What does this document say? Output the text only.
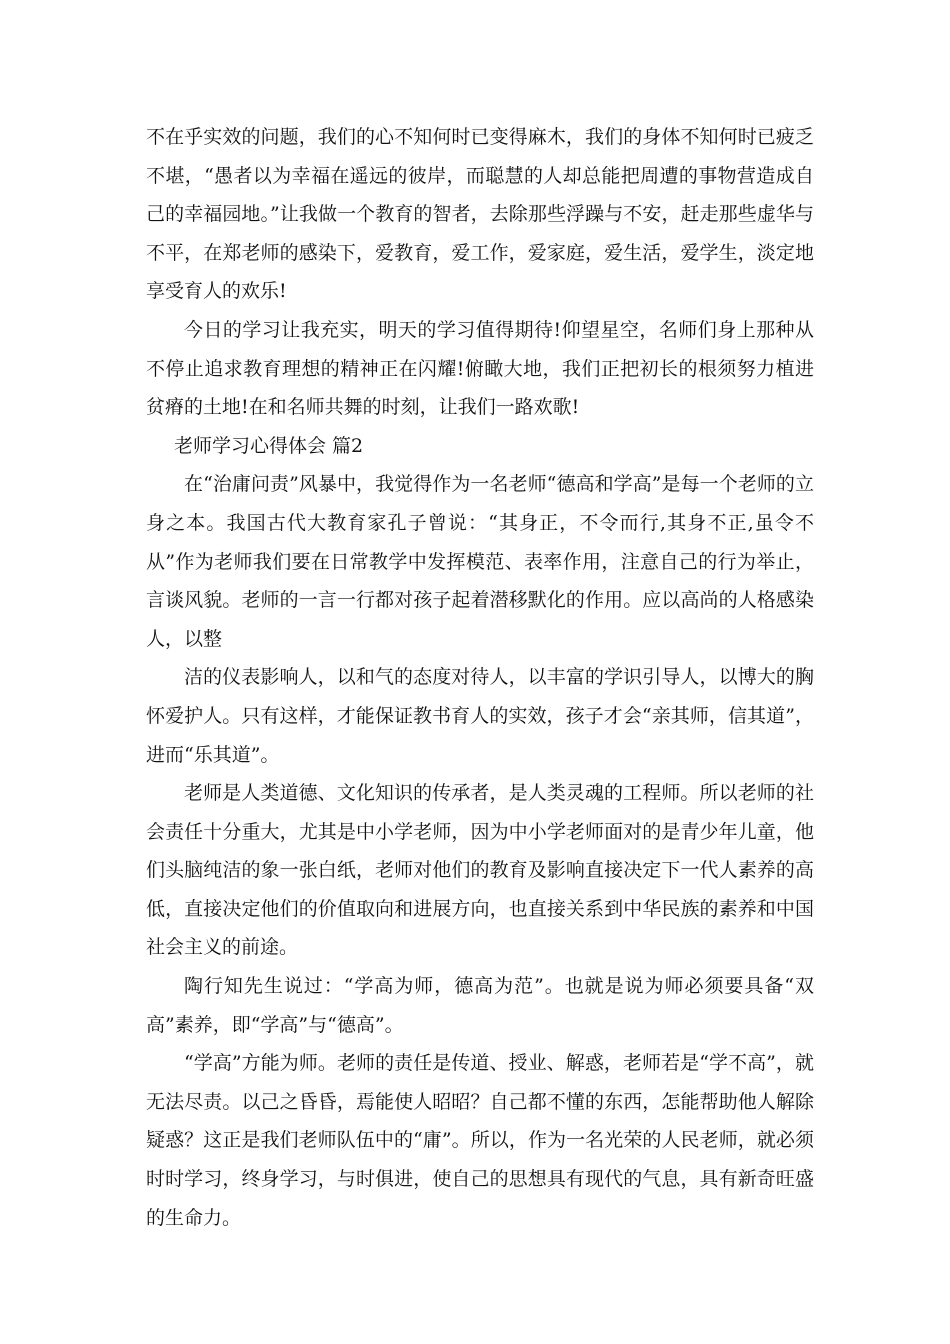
不在乎实效的问题，我们的心不知何时已变得麻木，我们的身体不知何时已疲乏不堪，“愚者以为幸福在遥远的彼岸，而聪慧的人却总能把周遭的事物营造成自己的幸福园地。”让我做一个教育的智者，去除那些浮躁与不安，赶走那些虚华与不平，在郑老师的感染下，爱教育，爱工作，爱家庭，爱生活，爱学生，淡定地享受育人的欢乐!

今日的学习让我充实，明天的学习值得期待!仰望星空，名师们身上那种从不停止追求教育理想的精神正在闪耀!俯瞰大地，我们正把初长的根须努力植进贫瘠的土地!在和名师共舞的时刻，让我们一路欢歌!

老师学习心得体会 篇2

在“治庸问责”风暴中，我觉得作为一名老师“德高和学高”是每一个老师的立身之本。我国古代大教育家孔子曾说：“其身正，不令而行,其身不正,虽令不从”作为老师我们要在日常教学中发挥模范、表率作用，注意自己的行为举止，言谈风貌。老师的一言一行都对孩子起着潜移默化的作用。应以高尚的人格感染人，以整

洁的仪表影响人，以和气的态度对待人，以丰富的学识引导人，以博大的胸怀爱护人。只有这样，才能保证教书育人的实效，孩子才会“亲其师，信其道”，进而“乐其道”。

老师是人类道德、文化知识的传承者，是人类灵魂的工程师。所以老师的社会责任十分重大，尤其是中小学老师，因为中小学老师面对的是青少年儿童，他们头脑纯洁的象一张白纸，老师对他们的教育及影响直接决定下一代人素养的高低，直接决定他们的价值取向和进展方向，也直接关系到中华民族的素养和中国社会主义的前途。

陶行知先生说过：“学高为师，德高为范”。也就是说为师必须要具备“双高”素养，即“学高”与“德高”。

“学高”方能为师。老师的责任是传道、授业、解惑，老师若是“学不高”，就无法尽责。以己之昏昏，焉能使人昭昭？自己都不懂的东西，怎能帮助他人解除疑惑？这正是我们老师队伍中的“庸”。所以，作为一名光荣的人民老师，就必须时时学习，终身学习，与时俱进，使自己的思想具有现代的气息，具有新奇旺盛的生命力。
